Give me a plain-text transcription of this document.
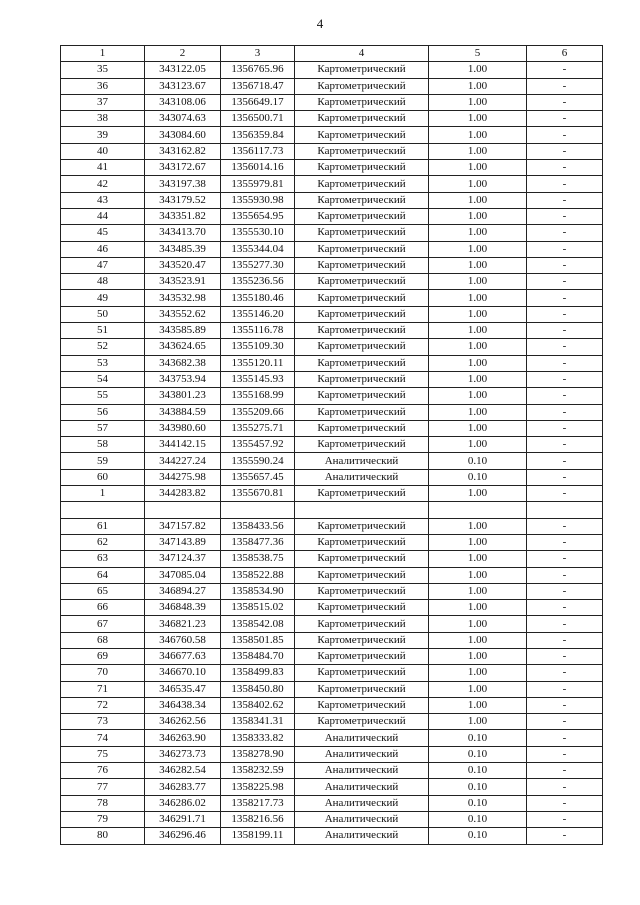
4
1	2	3	4	5	6
35	343122.05	1356765.96	Картометрический	1.00	-
36	343123.67	1356718.47	Картометрический	1.00	-
37	343108.06	1356649.17	Картометрический	1.00	-
38	343074.63	1356500.71	Картометрический	1.00	-
39	343084.60	1356359.84	Картометрический	1.00	-
40	343162.82	1356117.73	Картометрический	1.00	-
41	343172.67	1356014.16	Картометрический	1.00	-
42	343197.38	1355979.81	Картометрический	1.00	-
43	343179.52	1355930.98	Картометрический	1.00	-
44	343351.82	1355654.95	Картометрический	1.00	-
45	343413.70	1355530.10	Картометрический	1.00	-
46	343485.39	1355344.04	Картометрический	1.00	-
47	343520.47	1355277.30	Картометрический	1.00	-
48	343523.91	1355236.56	Картометрический	1.00	-
49	343532.98	1355180.46	Картометрический	1.00	-
50	343552.62	1355146.20	Картометрический	1.00	-
51	343585.89	1355116.78	Картометрический	1.00	-
52	343624.65	1355109.30	Картометрический	1.00	-
53	343682.38	1355120.11	Картометрический	1.00	-
54	343753.94	1355145.93	Картометрический	1.00	-
55	343801.23	1355168.99	Картометрический	1.00	-
56	343884.59	1355209.66	Картометрический	1.00	-
57	343980.60	1355275.71	Картометрический	1.00	-
58	344142.15	1355457.92	Картометрический	1.00	-
59	344227.24	1355590.24	Аналитический	0.10	-
60	344275.98	1355657.45	Аналитический	0.10	-
1	344283.82	1355670.81	Картометрический	1.00	-

61	347157.82	1358433.56	Картометрический	1.00	-
62	347143.89	1358477.36	Картометрический	1.00	-
63	347124.37	1358538.75	Картометрический	1.00	-
64	347085.04	1358522.88	Картометрический	1.00	-
65	346894.27	1358534.90	Картометрический	1.00	-
66	346848.39	1358515.02	Картометрический	1.00	-
67	346821.23	1358542.08	Картометрический	1.00	-
68	346760.58	1358501.85	Картометрический	1.00	-
69	346677.63	1358484.70	Картометрический	1.00	-
70	346670.10	1358499.83	Картометрический	1.00	-
71	346535.47	1358450.80	Картометрический	1.00	-
72	346438.34	1358402.62	Картометрический	1.00	-
73	346262.56	1358341.31	Картометрический	1.00	-
74	346263.90	1358333.82	Аналитический	0.10	-
75	346273.73	1358278.90	Аналитический	0.10	-
76	346282.54	1358232.59	Аналитический	0.10	-
77	346283.77	1358225.98	Аналитический	0.10	-
78	346286.02	1358217.73	Аналитический	0.10	-
79	346291.71	1358216.56	Аналитический	0.10	-
80	346296.46	1358199.11	Аналитический	0.10	-
